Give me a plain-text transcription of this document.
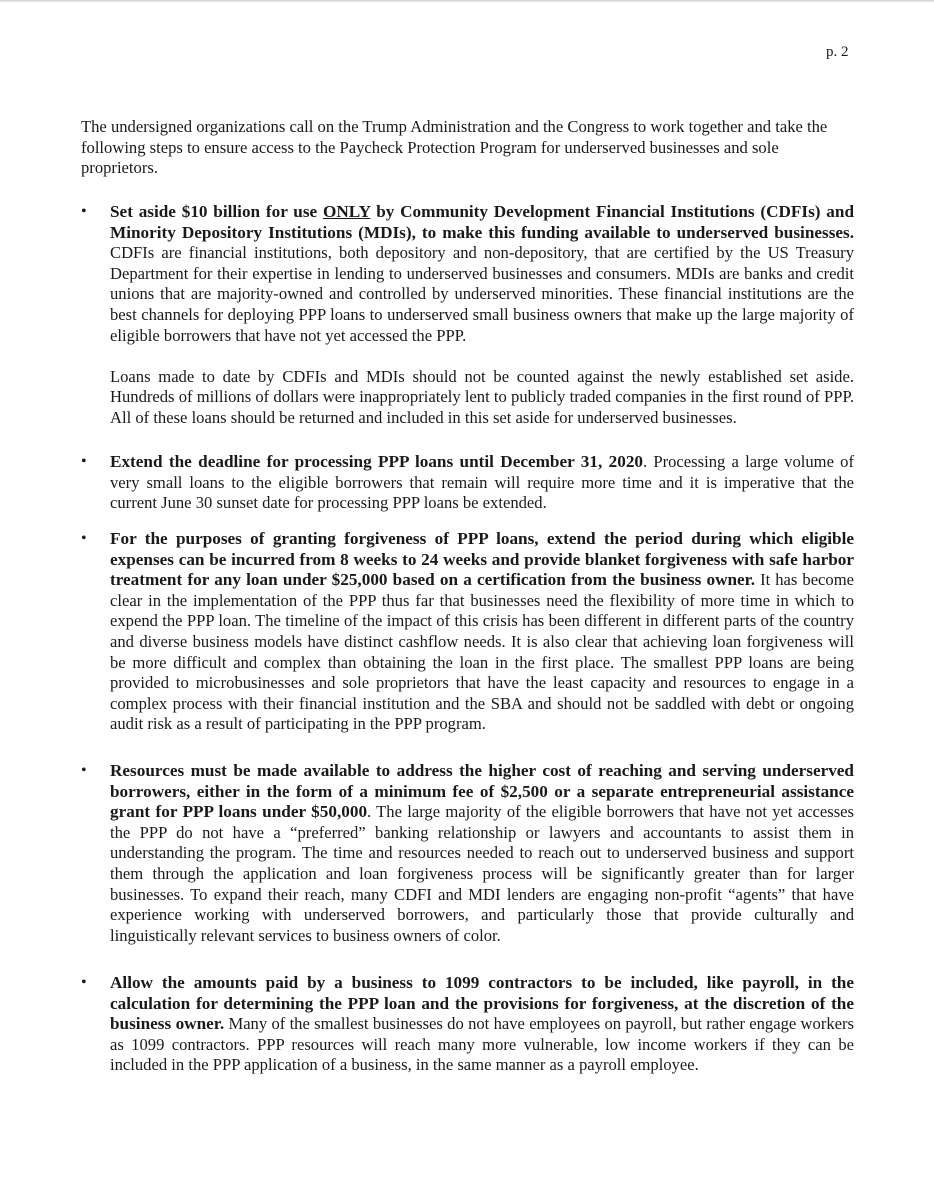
p. 2

The undersigned organizations call on the Trump Administration and the Congress to work together and take the following steps to ensure access to the Paycheck Protection Program for underserved businesses and sole proprietors.

• Set aside $10 billion for use ONLY by Community Development Financial Institutions (CDFIs) and Minority Depository Institutions (MDIs), to make this funding available to underserved businesses. CDFIs are financial institutions, both depository and non-depository, that are certified by the US Treasury Department for their expertise in lending to underserved businesses and consumers. MDIs are banks and credit unions that are majority-owned and controlled by underserved minorities. These financial institutions are the best channels for deploying PPP loans to underserved small business owners that make up the large majority of eligible borrowers that have not yet accessed the PPP.

Loans made to date by CDFIs and MDIs should not be counted against the newly established set aside. Hundreds of millions of dollars were inappropriately lent to publicly traded companies in the first round of PPP. All of these loans should be returned and included in this set aside for underserved businesses.

• Extend the deadline for processing PPP loans until December 31, 2020. Processing a large volume of very small loans to the eligible borrowers that remain will require more time and it is imperative that the current June 30 sunset date for processing PPP loans be extended.

• For the purposes of granting forgiveness of PPP loans, extend the period during which eligible expenses can be incurred from 8 weeks to 24 weeks and provide blanket forgiveness with safe harbor treatment for any loan under $25,000 based on a certification from the business owner. It has become clear in the implementation of the PPP thus far that businesses need the flexibility of more time in which to expend the PPP loan. The timeline of the impact of this crisis has been different in different parts of the country and diverse business models have distinct cashflow needs. It is also clear that achieving loan forgiveness will be more difficult and complex than obtaining the loan in the first place. The smallest PPP loans are being provided to microbusinesses and sole proprietors that have the least capacity and resources to engage in a complex process with their financial institution and the SBA and should not be saddled with debt or ongoing audit risk as a result of participating in the PPP program.

• Resources must be made available to address the higher cost of reaching and serving underserved borrowers, either in the form of a minimum fee of $2,500 or a separate entrepreneurial assistance grant for PPP loans under $50,000. The large majority of the eligible borrowers that have not yet accesses the PPP do not have a “preferred” banking relationship or lawyers and accountants to assist them in understanding the program. The time and resources needed to reach out to underserved business and support them through the application and loan forgiveness process will be significantly greater than for larger businesses. To expand their reach, many CDFI and MDI lenders are engaging non-profit “agents” that have experience working with underserved borrowers, and particularly those that provide culturally and linguistically relevant services to business owners of color.

• Allow the amounts paid by a business to 1099 contractors to be included, like payroll, in the calculation for determining the PPP loan and the provisions for forgiveness, at the discretion of the business owner. Many of the smallest businesses do not have employees on payroll, but rather engage workers as 1099 contractors. PPP resources will reach many more vulnerable, low income workers if they can be included in the PPP application of a business, in the same manner as a payroll employee.
